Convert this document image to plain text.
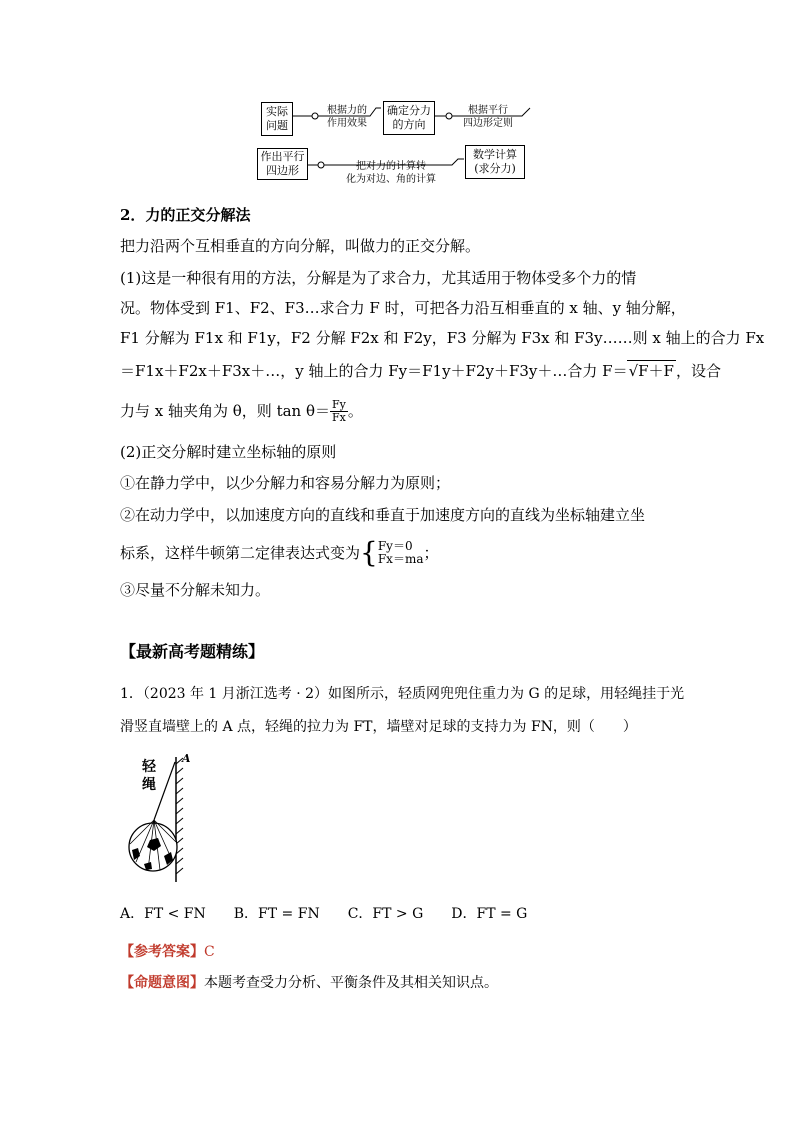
实际
问题
根据力的
作用效果
确定分力
的方向
根据平行
四边形定则
作出平行
四边形	把对力的计算转
化为对边、角的计算
数学计算
(求分力)
2．力的正交分解法
把力沿两个互相垂直的方向分解，叫做力的正交分解。
(1)这是一种很有用的方法，分解是为了求合力，尤其适用于物体受多个力的情
况。物体受到 F1、F2、F3…求合力 F 时，可把各力沿互相垂直的 x 轴、y 轴分解，
F1 分解为 F1x 和 F1y，F2 分解 F2x 和 F2y，F3 分解为 F3x 和 F3y……则 x 轴上的合力 Fx
＝F1x＋F2x＋F3x＋…，y 轴上的合力 Fy＝F1y＋F2y＋F3y＋…合力 F＝√F＋F ，设合
力与 x 轴夹角为 θ，则 $\tan \theta= \frac{Fy}{Fx}$ 。
(2)正交分解时建立坐标轴的原则
①在静力学中，以少分解力和容易分解力为原则；
②在动力学中，以加速度方向的直线和垂直于加速度方向的直线为坐标轴建立坐
标系，这样牛顿第二定律表达式变为 { Fy＝0
Fx＝ma ；
③尽量不分解未知力。
【最新高考题精练】
1．（2023 年 1 月浙江选考 · 2）如图所示，轻质网兜兜住重力为 G 的足球，用轻绳挂于光
滑竖直墙壁上的 A 点，轻绳的拉力为 FT，墙壁对足球的支持力为 FN，则（　　）
轻
绳
A
A．FT < FN　　B．FT = FN　　C．FT > G　　D．FT = G
【参考答案】C
【命题意图】本题考查受力分析、平衡条件及其相关知识点。
